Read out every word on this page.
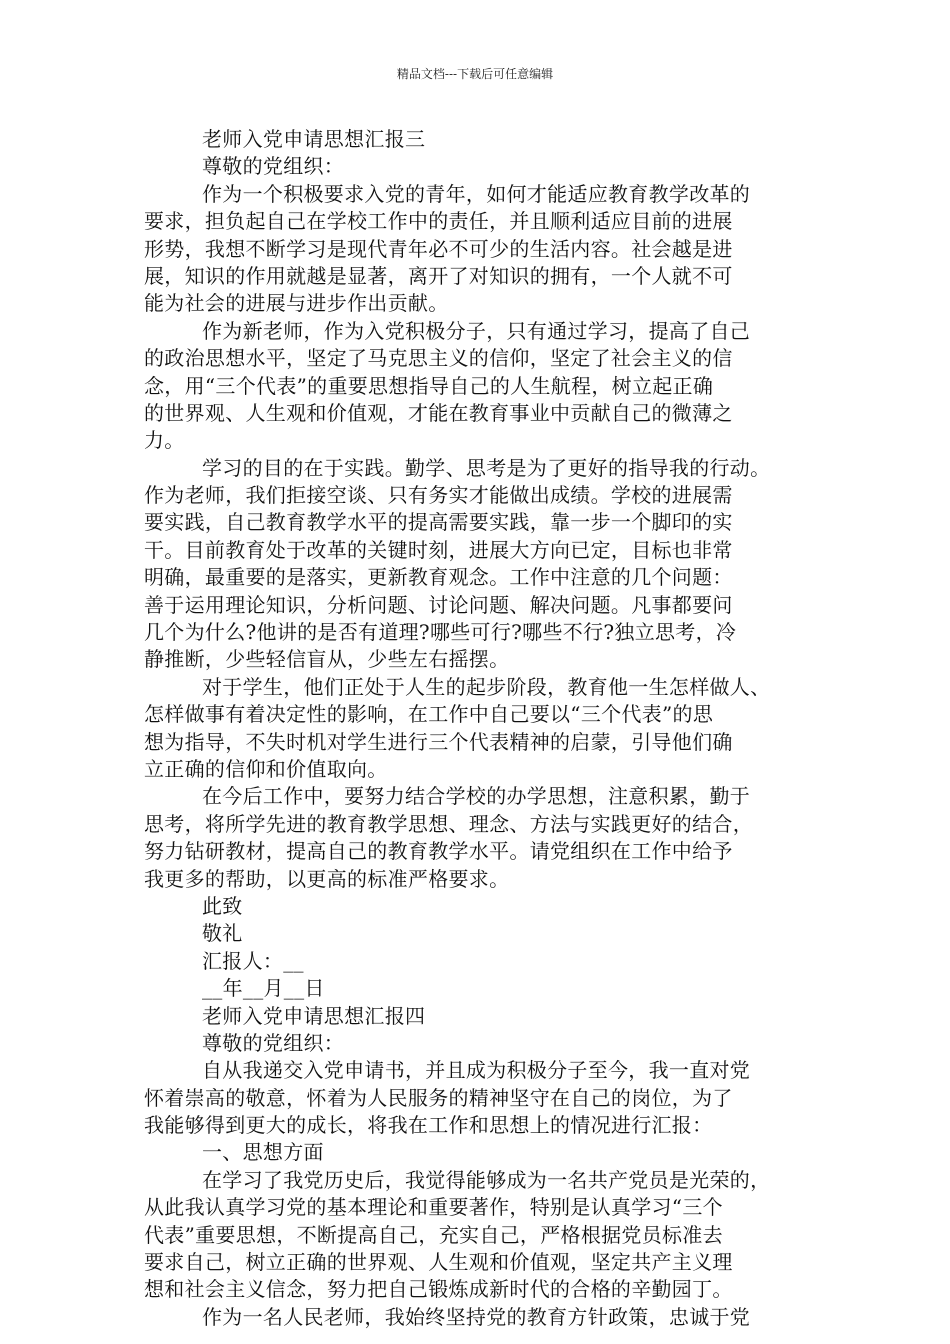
精品文档---下载后可任意编辑
老师入党申请思想汇报三
尊敬的党组织：
作为一个积极要求入党的青年，如何才能适应教育教学改革的
要求，担负起自己在学校工作中的责任，并且顺利适应目前的进展
形势，我想不断学习是现代青年必不可少的生活内容。社会越是进
展，知识的作用就越是显著，离开了对知识的拥有，一个人就不可
能为社会的进展与进步作出贡献。
作为新老师，作为入党积极分子，只有通过学习，提高了自己
的政治思想水平，坚定了马克思主义的信仰，坚定了社会主义的信
念，用“三个代表”的重要思想指导自己的人生航程，树立起正确
的世界观、人生观和价值观，才能在教育事业中贡献自己的微薄之
力。
学习的目的在于实践。勤学、思考是为了更好的指导我的行动。
作为老师，我们拒接空谈、只有务实才能做出成绩。学校的进展需
要实践，自己教育教学水平的提高需要实践，靠一步一个脚印的实
干。目前教育处于改革的关键时刻，进展大方向已定，目标也非常
明确，最重要的是落实，更新教育观念。工作中注意的几个问题：
善于运用理论知识，分析问题、讨论问题、解决问题。凡事都要问
几个为什么?他讲的是否有道理?哪些可行?哪些不行?独立思考，冷
静推断，少些轻信盲从，少些左右摇摆。
对于学生，他们正处于人生的起步阶段，教育他一生怎样做人、
怎样做事有着决定性的影响，在工作中自己要以“三个代表”的思
想为指导，不失时机对学生进行三个代表精神的启蒙，引导他们确
立正确的信仰和价值取向。
在今后工作中，要努力结合学校的办学思想，注意积累，勤于
思考，将所学先进的教育教学思想、理念、方法与实践更好的结合，
努力钻研教材，提高自己的教育教学水平。请党组织在工作中给予
我更多的帮助，以更高的标准严格要求。
此致
敬礼
汇报人：__
__年__月__日
老师入党申请思想汇报四
尊敬的党组织：
自从我递交入党申请书，并且成为积极分子至今，我一直对党
怀着崇高的敬意，怀着为人民服务的精神坚守在自己的岗位，为了
我能够得到更大的成长，将我在工作和思想上的情况进行汇报：
一、思想方面
在学习了我党历史后，我觉得能够成为一名共产党员是光荣的，
从此我认真学习党的基本理论和重要著作，特别是认真学习“三个
代表”重要思想，不断提高自己，充实自己，严格根据党员标准去
要求自己，树立正确的世界观、人生观和价值观，坚定共产主义理
想和社会主义信念，努力把自己锻炼成新时代的合格的辛勤园丁。
作为一名人民老师，我始终坚持党的教育方针政策，忠诚于党
